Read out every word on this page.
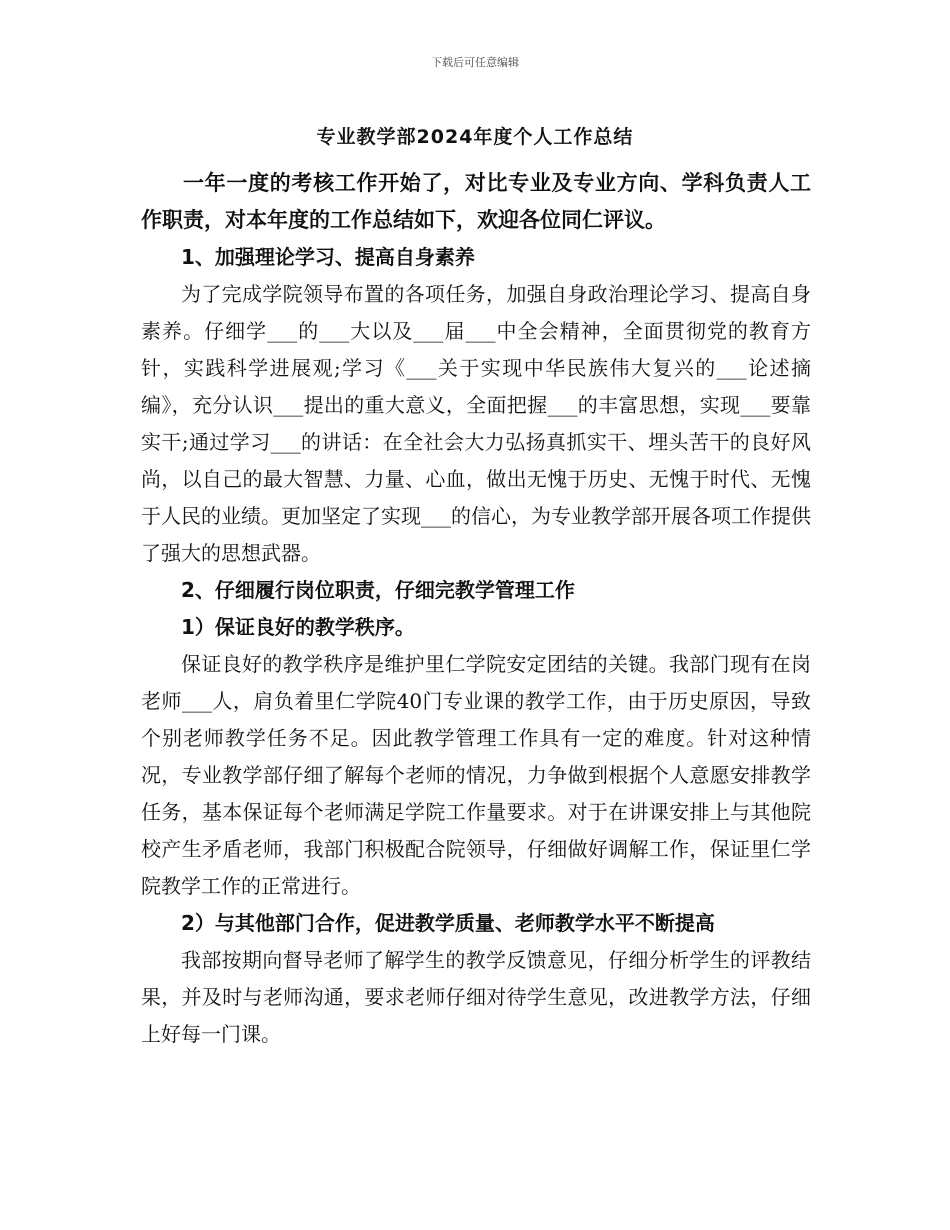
下载后可任意编辑
专业教学部2024年度个人工作总结

一年一度的考核工作开始了，对比专业及专业方向、学科负责人工作职责，对本年度的工作总结如下，欢迎各位同仁评议。

1、加强理论学习、提高自身素养

为了完成学院领导布置的各项任务，加强自身政治理论学习、提高自身素养。仔细学___的___大以及___届___中全会精神，全面贯彻党的教育方针，实践科学进展观;学习《___关于实现中华民族伟大复兴的___论述摘编》，充分认识___提出的重大意义，全面把握___的丰富思想，实现___要靠实干;通过学习___的讲话：在全社会大力弘扬真抓实干、埋头苦干的良好风尚，以自己的最大智慧、力量、心血，做出无愧于历史、无愧于时代、无愧于人民的业绩。更加坚定了实现___的信心，为专业教学部开展各项工作提供了强大的思想武器。

2、仔细履行岗位职责，仔细完教学管理工作

1）保证良好的教学秩序。

保证良好的教学秩序是维护里仁学院安定团结的关键。我部门现有在岗老师___人，肩负着里仁学院40门专业课的教学工作，由于历史原因，导致个别老师教学任务不足。因此教学管理工作具有一定的难度。针对这种情况，专业教学部仔细了解每个老师的情况，力争做到根据个人意愿安排教学任务，基本保证每个老师满足学院工作量要求。对于在讲课安排上与其他院校产生矛盾老师，我部门积极配合院领导，仔细做好调解工作，保证里仁学院教学工作的正常进行。

2）与其他部门合作，促进教学质量、老师教学水平不断提高

我部按期向督导老师了解学生的教学反馈意见，仔细分析学生的评教结果，并及时与老师沟通，要求老师仔细对待学生意见，改进教学方法，仔细上好每一门课。
